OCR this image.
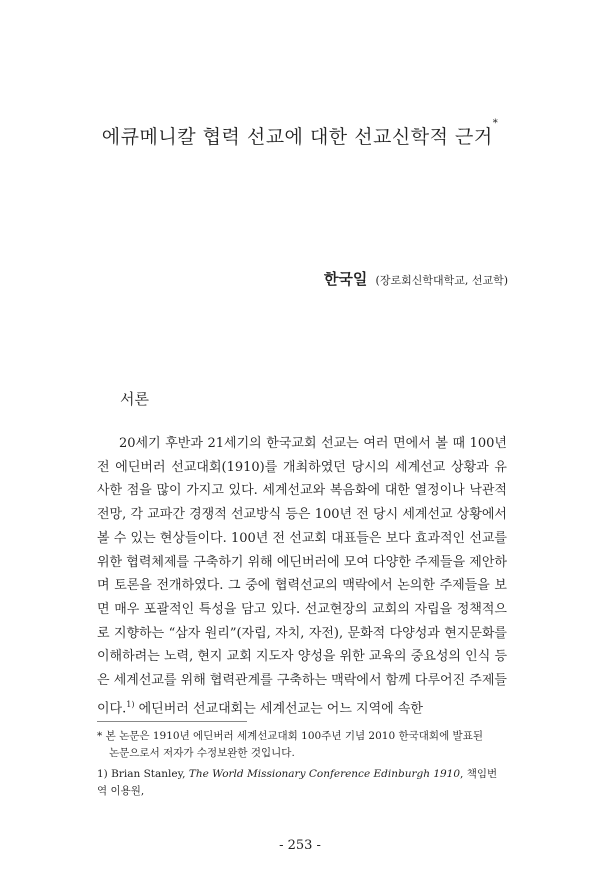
에큐메니칼 협력 선교에 대한 선교신학적 근거*
한국일 (장로회신학대학교, 선교학)
서론
20세기 후반과 21세기의 한국교회 선교는 여러 면에서 볼 때 100년 전 에딘버러 선교대회(1910)를 개최하였던 당시의 세계선교 상황과 유사한 점을 많이 가지고 있다. 세계선교와 복음화에 대한 열정이나 낙관적 전망, 각 교파간 경쟁적 선교방식 등은 100년 전 당시 세계선교 상황에서 볼 수 있는 현상들이다. 100년 전 선교회 대표들은 보다 효과적인 선교를 위한 협력체제를 구축하기 위해 에딘버러에 모여 다양한 주제들을 제안하며 토론을 전개하였다. 그 중에 협력선교의 맥락에서 논의한 주제들을 보면 매우 포괄적인 특성을 담고 있다. 선교현장의 교회의 자립을 정책적으로 지향하는 “삼자 원리”(자립, 자치, 자전), 문화적 다양성과 현지문화를 이해하려는 노력, 현지 교회 지도자 양성을 위한 교육의 중요성의 인식 등은 세계선교를 위해 협력관계를 구축하는 맥락에서 함께 다루어진 주제들이다.$^{1)}$ 에딘버러 선교대회는 세계선교는 어느 지역에 속한
* 본 논문은 1910년 에딘버러 세계선교대회 100주년 기념 2010 한국대회에 발표된
논문으로서 저자가 수정보완한 것입니다.
1) Brian Stanley, The World Missionary Conference Edinburgh 1910, 책임번역 이용원,
- 253 -
